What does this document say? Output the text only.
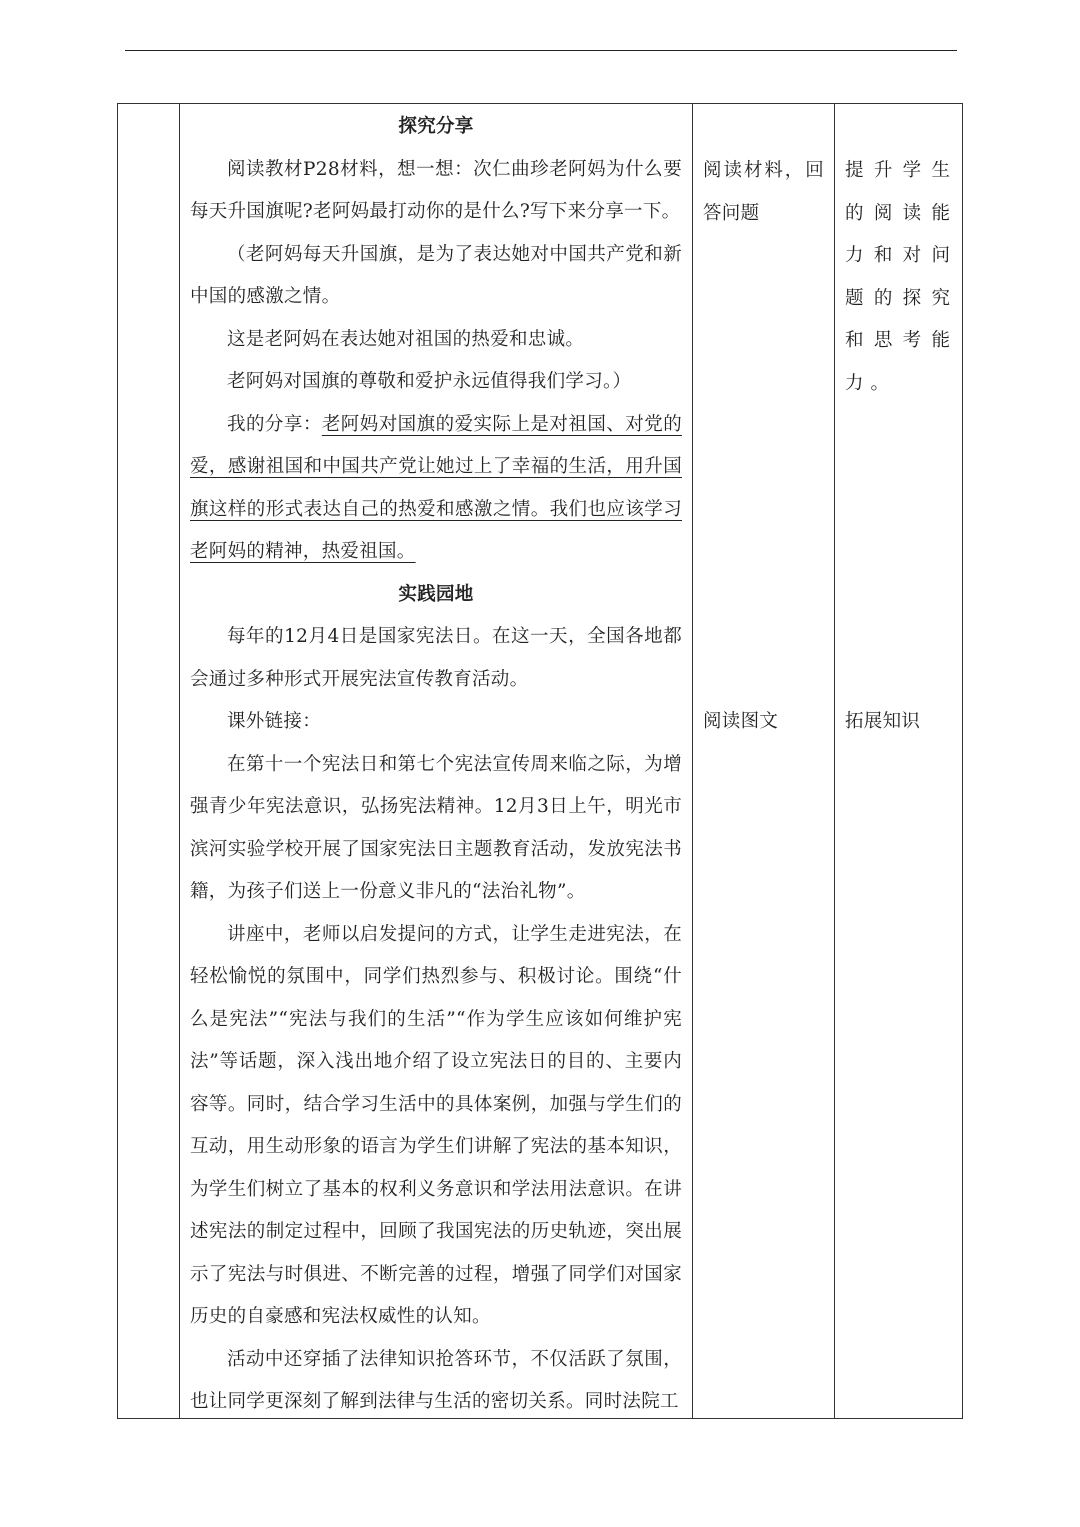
探究分享

阅读教材P28材料，想一想：次仁曲珍老阿妈为什么要每天升国旗呢?老阿妈最打动你的是什么?写下来分享一下。

（老阿妈每天升国旗，是为了表达她对中国共产党和新中国的感激之情。

这是老阿妈在表达她对祖国的热爱和忠诚。

老阿妈对国旗的尊敬和爱护永远值得我们学习。）

我的分享：老阿妈对国旗的爱实际上是对祖国、对党的爱，感谢祖国和中国共产党让她过上了幸福的生活，用升国旗这样的形式表达自己的热爱和感激之情。我们也应该学习老阿妈的精神，热爱祖国。

实践园地

每年的12月4日是国家宪法日。在这一天，全国各地都会通过多种形式开展宪法宣传教育活动。

课外链接：

在第十一个宪法日和第七个宪法宣传周来临之际，为增强青少年宪法意识，弘扬宪法精神。12月3日上午，明光市滨河实验学校开展了国家宪法日主题教育活动，发放宪法书籍，为孩子们送上一份意义非凡的“法治礼物”。

讲座中，老师以启发提问的方式，让学生走进宪法，在轻松愉悦的氛围中，同学们热烈参与、积极讨论。围绕“什么是宪法”“宪法与我们的生活”“作为学生应该如何维护宪法”等话题，深入浅出地介绍了设立宪法日的目的、主要内容等。同时，结合学习生活中的具体案例，加强与学生们的互动，用生动形象的语言为学生们讲解了宪法的基本知识，为学生们树立了基本的权利义务意识和学法用法意识。在讲述宪法的制定过程中，回顾了我国宪法的历史轨迹，突出展示了宪法与时俱进、不断完善的过程，增强了同学们对国家历史的自豪感和宪法权威性的认知。

活动中还穿插了法律知识抢答环节，不仅活跃了氛围，也让同学更深刻了解到法律与生活的密切关系。同时法院工

阅读材料，回答问题

阅读图文

提升学生的阅读能力和对问题的探究和思考能力。

拓展知识
